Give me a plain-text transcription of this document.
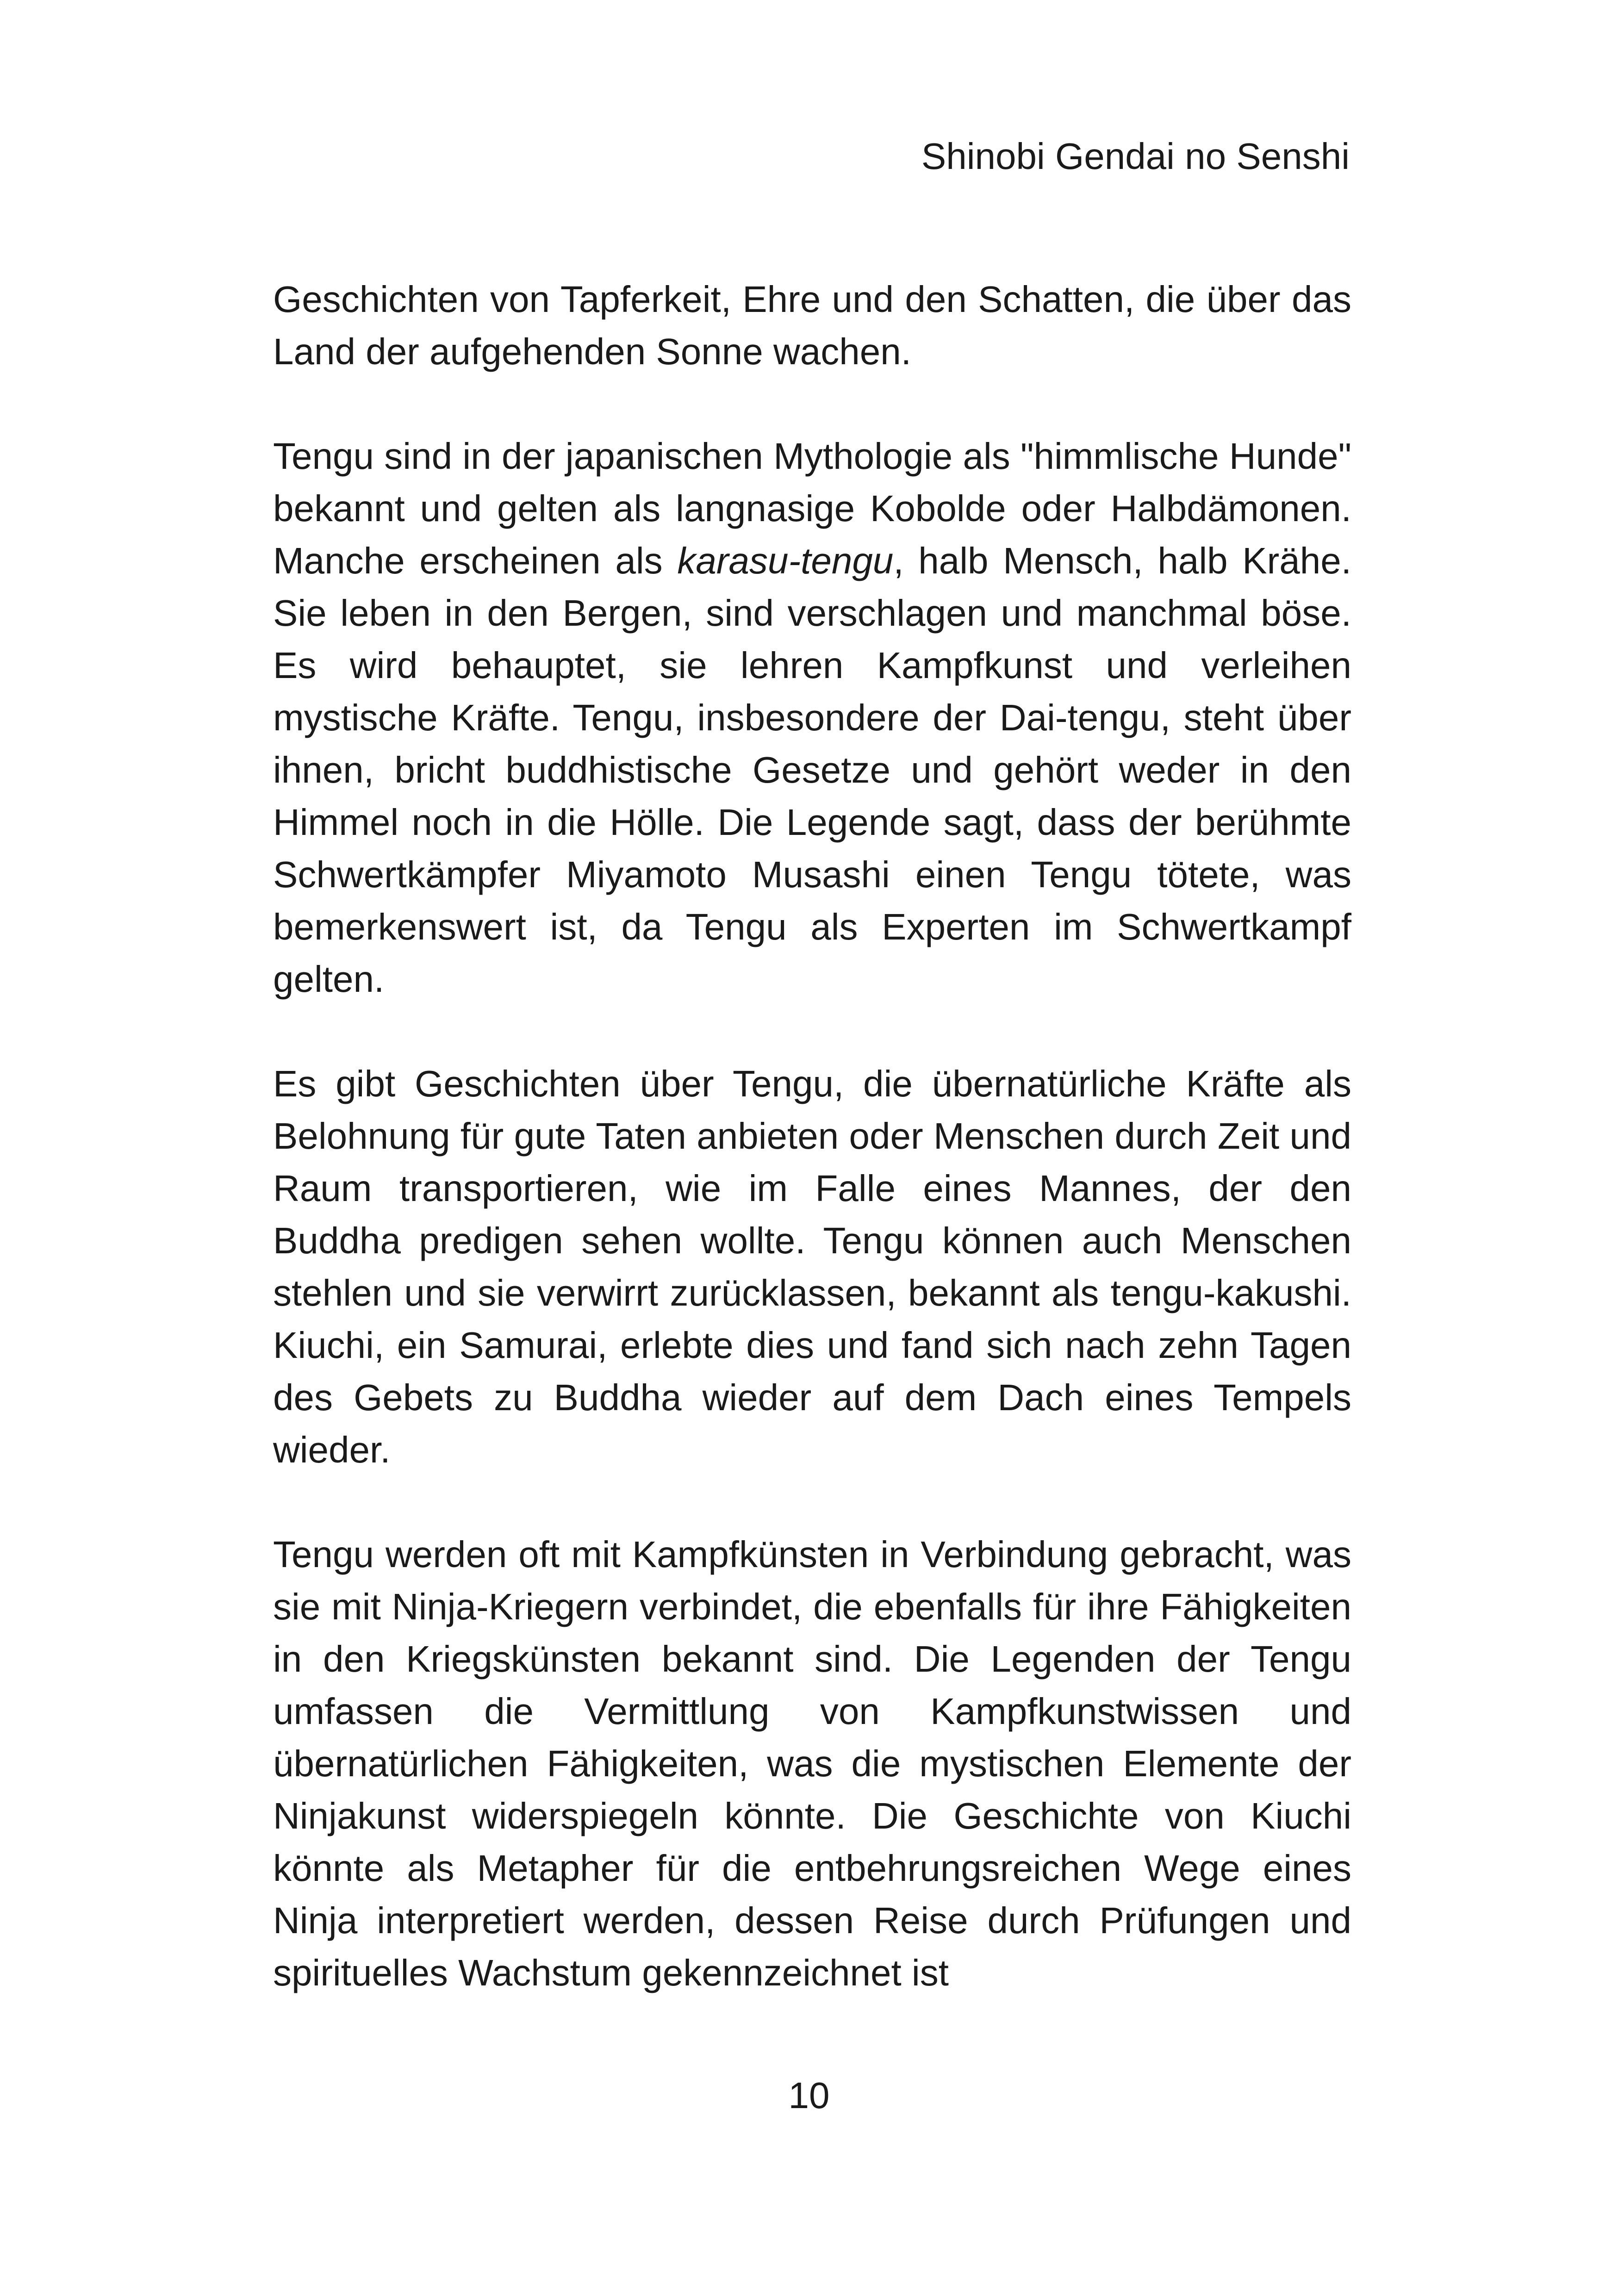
Shinobi Gendai no Senshi

Geschichten von Tapferkeit, Ehre und den Schatten, die über das Land der aufgehenden Sonne wachen.

Tengu sind in der japanischen Mythologie als "himmlische Hunde" bekannt und gelten als langnasige Kobolde oder Halbdämonen. Manche erscheinen als karasu-tengu, halb Mensch, halb Krähe. Sie leben in den Bergen, sind verschlagen und manchmal böse. Es wird behauptet, sie lehren Kampfkunst und verleihen mystische Kräfte. Tengu, insbesondere der Dai-tengu, steht über ihnen, bricht buddhistische Gesetze und gehört weder in den Himmel noch in die Hölle. Die Legende sagt, dass der berühmte Schwertkämpfer Miyamoto Musashi einen Tengu tötete, was bemerkenswert ist, da Tengu als Experten im Schwertkampf gelten.

Es gibt Geschichten über Tengu, die übernatürliche Kräfte als Belohnung für gute Taten anbieten oder Menschen durch Zeit und Raum transportieren, wie im Falle eines Mannes, der den Buddha predigen sehen wollte. Tengu können auch Menschen stehlen und sie verwirrt zurücklassen, bekannt als tengu-kakushi. Kiuchi, ein Samurai, erlebte dies und fand sich nach zehn Tagen des Gebets zu Buddha wieder auf dem Dach eines Tempels wieder.

Tengu werden oft mit Kampfkünsten in Verbindung gebracht, was sie mit Ninja-Kriegern verbindet, die ebenfalls für ihre Fähigkeiten in den Kriegskünsten bekannt sind. Die Legenden der Tengu umfassen die Vermittlung von Kampfkunstwissen und übernatürlichen Fähigkeiten, was die mystischen Elemente der Ninjakunst widerspiegeln könnte. Die Geschichte von Kiuchi könnte als Metapher für die entbehrungsreichen Wege eines Ninja interpretiert werden, dessen Reise durch Prüfungen und spirituelles Wachstum gekennzeichnet ist

10
